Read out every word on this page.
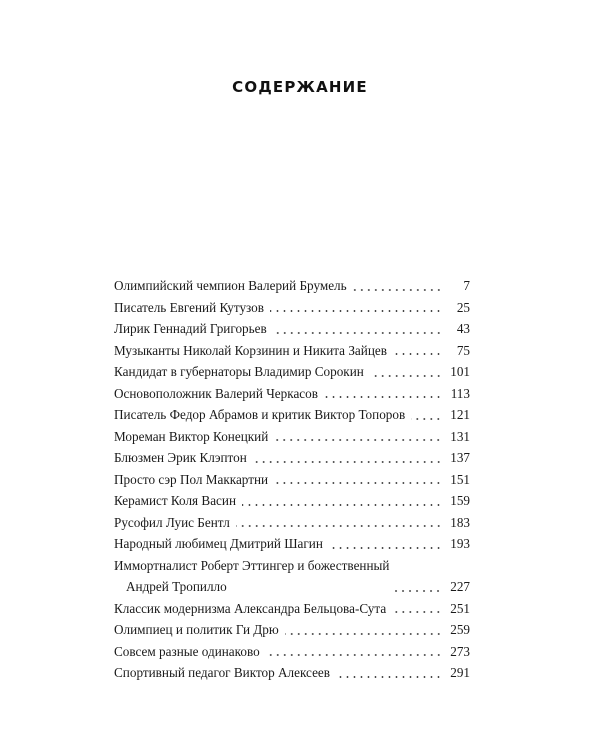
СОДЕРЖАНИЕ
Олимпийский чемпион Валерий Брумель	7
Писатель Евгений Кутузов	25
Лирик Геннадий Григорьев	43
Музыканты Николай Корзинин и Никита Зайцев	75
Кандидат в губернаторы Владимир Сорокин	101
Основоположник Валерий Черкасов	113
Писатель Федор Абрамов и критик Виктор Топоров	121
Мореман Виктор Конецкий	131
Блюзмен Эрик Клэптон	137
Просто сэр Пол Маккартни	151
Керамист Коля Васин	159
Русофил Луис Бентл	183
Народный любимец Дмитрий Шагин	193
Иммортналист Роберт Эттингер и божественный
Андрей Тропилло	227
Классик модернизма Александра Бельцова-Сута	251
Олимпиец и политик Ги Дрю	259
Совсем разные одинаково	273
Спортивный педагог Виктор Алексеев	291
